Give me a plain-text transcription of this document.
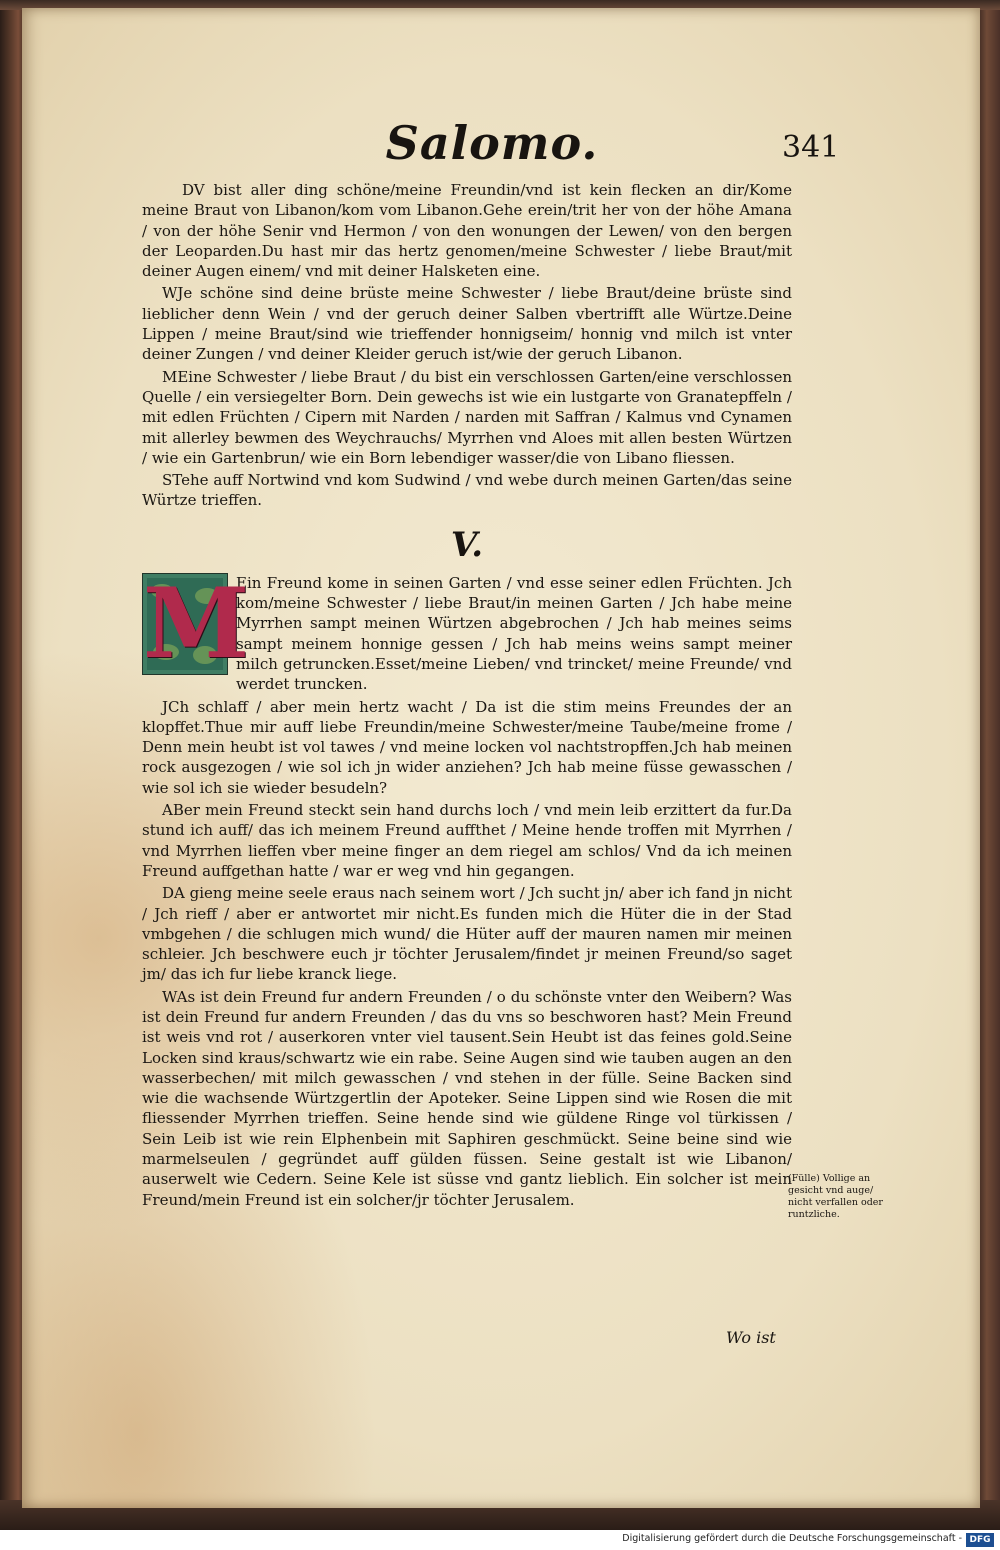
Salomo.	341

DV bist aller ding schöne/meine Freundin/vnd ist kein flecken an dir/Kome meine Braut von Libanon/kom vom Libanon.Gehe erein/trit her von der höhe Amana / von der höhe Senir vnd Hermon / von den wonungen der Lewen/ von den bergen der Leoparden.Du hast mir das hertz genomen/meine Schwester / liebe Braut/mit deiner Augen einem/ vnd mit deiner Halsketen eine.

WJe schöne sind deine brüste meine Schwester / liebe Braut/deine brüste sind lieblicher denn Wein / vnd der geruch deiner Salben vbertrifft alle Würtze.Deine Lippen / meine Braut/sind wie trieffender honnigseim/ honnig vnd milch ist vnter deiner Zungen / vnd deiner Kleider geruch ist/wie der geruch Libanon.

MEine Schwester / liebe Braut / du bist ein verschlossen Garten/eine verschlossen Quelle / ein versiegelter Born. Dein gewechs ist wie ein lustgarte von Granatepffeln / mit edlen Früchten / Cipern mit Narden / narden mit Saffran / Kalmus vnd Cynamen mit allerley bewmen des Weychrauchs/ Myrrhen vnd Aloes mit allen besten Würtzen / wie ein Gartenbrun/ wie ein Born lebendiger wasser/die von Libano fliessen.

STehe auff Nortwind vnd kom Sudwind / vnd webe durch meinen Garten/das seine Würtze trieffen.

V.
M

Ein Freund kome in seinen Garten / vnd esse seiner edlen Früchten. Jch kom/meine Schwester / liebe Braut/in meinen Garten / Jch habe meine Myrrhen sampt meinen Würtzen abgebrochen / Jch hab meines seims sampt meinem honnige gessen / Jch hab meins weins sampt meiner milch getruncken.Esset/meine Lieben/ vnd trincket/ meine Freunde/ vnd werdet truncken.

JCh schlaff / aber mein hertz wacht / Da ist die stim meins Freundes der an klopffet.Thue mir auff liebe Freundin/meine Schwester/meine Taube/meine frome / Denn mein heubt ist vol tawes / vnd meine locken vol nachtstropffen.Jch hab meinen rock ausgezogen / wie sol ich jn wider anziehen? Jch hab meine füsse gewasschen / wie sol ich sie wieder besudeln?

ABer mein Freund steckt sein hand durchs loch / vnd mein leib erzittert da fur.Da stund ich auff/ das ich meinem Freund auffthet / Meine hende troffen mit Myrrhen / vnd Myrrhen lieffen vber meine finger an dem riegel am schlos/ Vnd da ich meinen Freund auffgethan hatte / war er weg vnd hin gegangen.

DA gieng meine seele eraus nach seinem wort / Jch sucht jn/ aber ich fand jn nicht / Jch rieff / aber er antwortet mir nicht.Es funden mich die Hüter die in der Stad vmbgehen / die schlugen mich wund/ die Hüter auff der mauren namen mir meinen schleier. Jch beschwere euch jr töchter Jerusalem/findet jr meinen Freund/so saget jm/ das ich fur liebe kranck liege.

WAs ist dein Freund fur andern Freunden / o du schönste vnter den Weibern? Was ist dein Freund fur andern Freunden / das du vns so beschworen hast? Mein Freund ist weis vnd rot / auserkoren vnter viel tausent.Sein Heubt ist das feines gold.Seine Locken sind kraus/schwartz wie ein rabe. Seine Augen sind wie tauben augen an den wasserbechen/ mit milch gewasschen / vnd stehen in der fülle. Seine Backen sind wie die wachsende Würtzgertlin der Apoteker. Seine Lippen sind wie Rosen die mit fliessender Myrrhen trieffen. Seine hende sind wie güldene Ringe vol türkissen / Sein Leib ist wie rein Elphenbein mit Saphiren geschmückt. Seine beine sind wie marmelseulen / gegründet auff gülden füssen. Seine gestalt ist wie Libanon/ auserwelt wie Cedern. Seine Kele ist süsse vnd gantz lieblich. Ein solcher ist mein Freund/mein Freund ist ein solcher/jr töchter Jerusalem.

(Fülle) Vollige an gesicht vnd auge/ nicht verfallen oder runtzliche.
Wo ist
Digitalisierung gefördert durch die Deutsche Forschungsgemeinschaft - DFG
